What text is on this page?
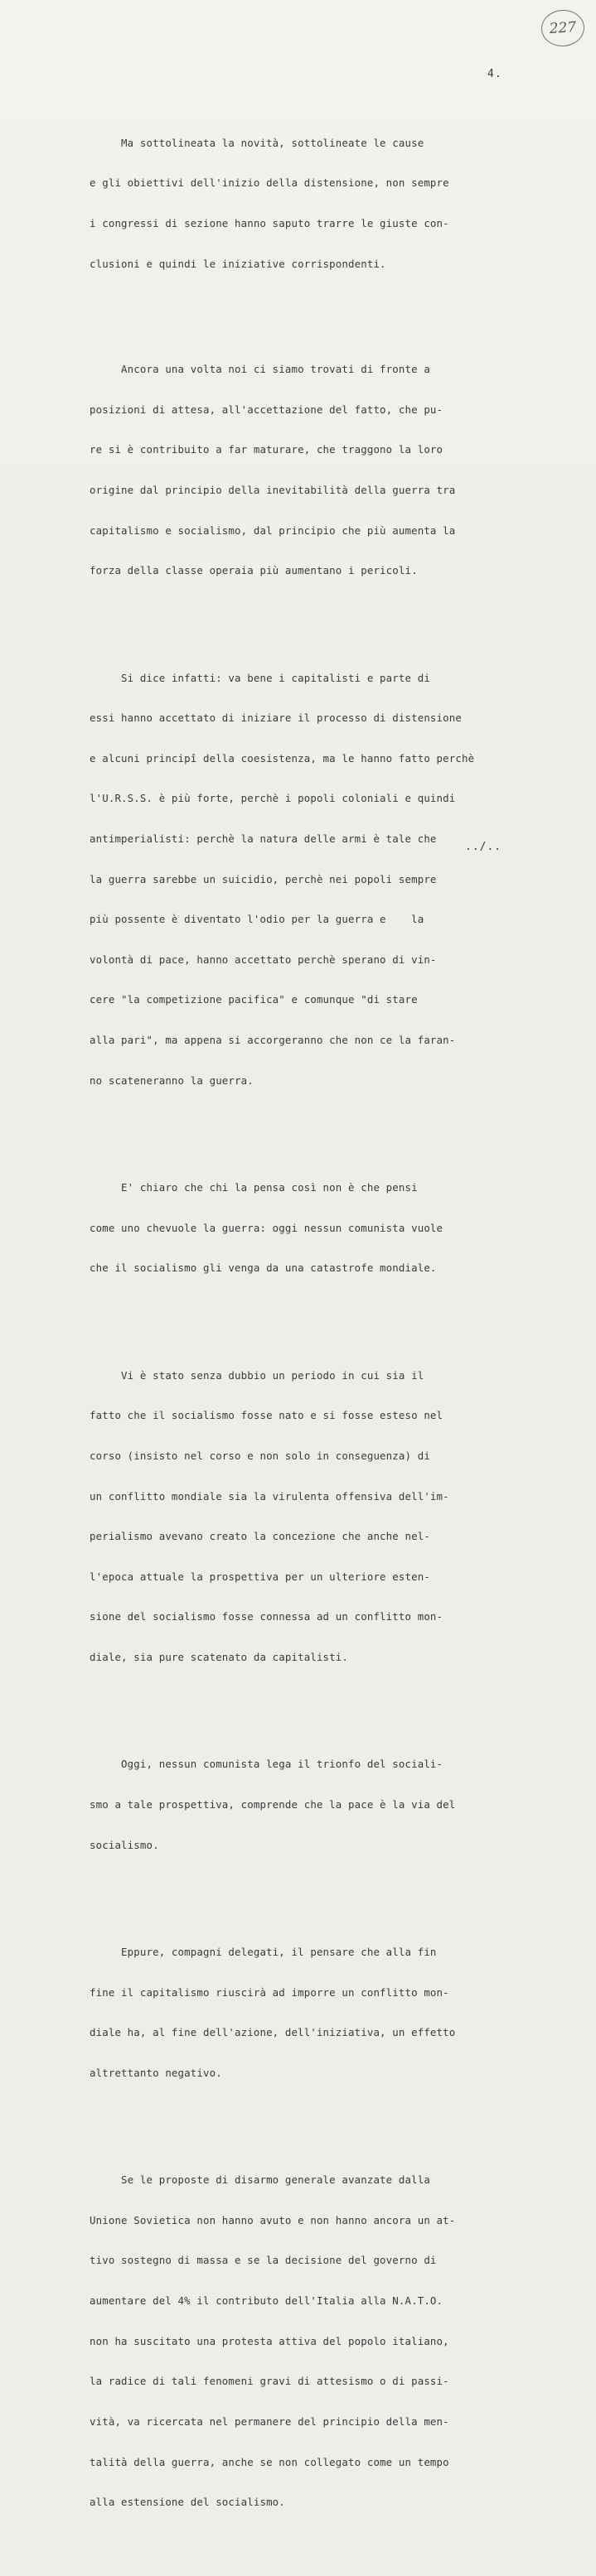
227
4.

Ma sottolineata la novità, sottolineate le cause

e gli obiettivi dell'inizio della distensione, non sempre

i congressi di sezione hanno saputo trarre le giuste con-

clusioni e quindi le iniziative corrispondenti.

Ancora una volta noi ci siamo trovati di fronte a

posizioni di attesa, all'accettazione del fatto, che pu-

re si è contribuito a far maturare, che traggono la loro

origine dal principio della inevitabilità della guerra tra

capitalismo e socialismo, dal principio che più aumenta la

forza della classe operaia più aumentano i pericoli.

Si dice infatti: va bene i capitalisti e parte di

essi hanno accettato di iniziare il processo di distensione

e alcuni principî della coesistenza, ma le hanno fatto perchè

l'U.R.S.S. è più forte, perchè i popoli coloniali e quindi

antimperialisti: perchè la natura delle armi è tale che

la guerra sarebbe un suicidio, perchè nei popoli sempre

più possente è diventato l'odio per la guerra e    la

volontà di pace, hanno accettato perchè sperano di vin-

cere "la competizione pacifica" e comunque "di stare

alla pari", ma appena si accorgeranno che non ce la faran-

no scateneranno la guerra.

E' chiaro che chi la pensa così non è che pensi

come uno chevuole la guerra: oggi nessun comunista vuole

che il socialismo gli venga da una catastrofe mondiale.

Vi è stato senza dubbio un periodo in cui sia il

fatto che il socialismo fosse nato e si fosse esteso nel

corso (insisto nel corso e non solo in conseguenza) di

un conflitto mondiale sia la virulenta offensiva dell'im-

perialismo avevano creato la concezione che anche nel-

l'epoca attuale la prospettiva per un ulteriore esten-

sione del socialismo fosse connessa ad un conflitto mon-

diale, sia pure scatenato da capitalisti.

Oggi, nessun comunista lega il trionfo del sociali-

smo a tale prospettiva, comprende che la pace è la via del

socialismo.

Eppure, compagni delegati, il pensare che alla fin

fine il capitalismo riuscirà ad imporre un conflitto mon-

diale ha, al fine dell'azione, dell'iniziativa, un effetto

altrettanto negativo.

Se le proposte di disarmo generale avanzate dalla

Unione Sovietica non hanno avuto e non hanno ancora un at-

tivo sostegno di massa e se la decisione del governo di

aumentare del 4% il contributo dell'Italia alla N.A.T.O.

non ha suscitato una protesta attiva del popolo italiano,

la radice di tali fenomeni gravi di attesismo o di passi-

vità, va ricercata nel permanere del principio della men-

talità della guerra, anche se non collegato come un tempo

alla estensione del socialismo.

../..
